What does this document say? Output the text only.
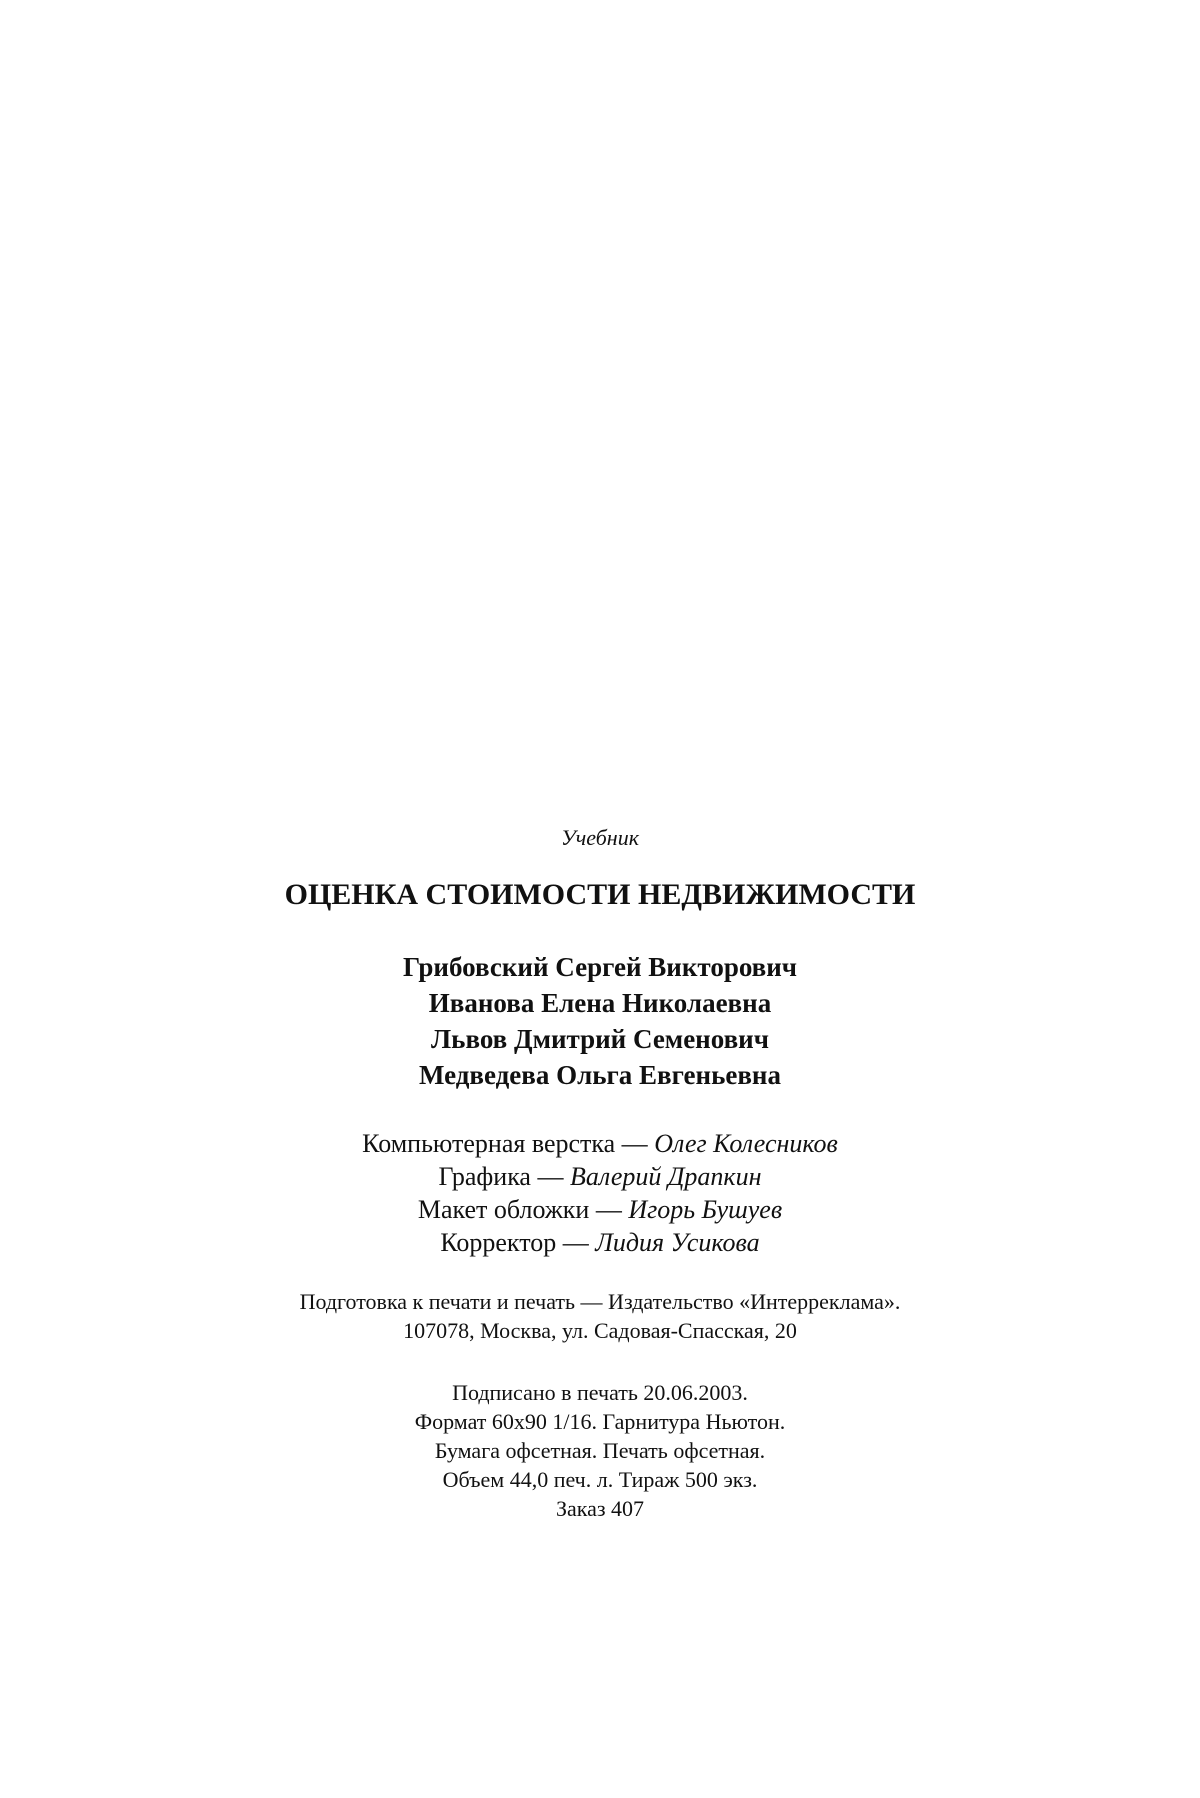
Учебник

ОЦЕНКА СТОИМОСТИ НЕДВИЖИМОСТИ
Грибовский Сергей Викторович
Иванова Елена Николаевна
Львов Дмитрий Семенович
Медведева Ольга Евгеньевна
Компьютерная верстка — Олег Колесников
Графика — Валерий Драпкин
Макет обложки — Игорь Бушуев
Корректор — Лидия Усикова
Подготовка к печати и печать — Издательство «Интерреклама».
107078, Москва, ул. Садовая-Спасская, 20
Подписано в печать 20.06.2003.
Формат 60х90 1/16. Гарнитура Ньютон.
Бумага офсетная. Печать офсетная.
Объем 44,0 печ. л. Тираж 500 экз.
Заказ 407
